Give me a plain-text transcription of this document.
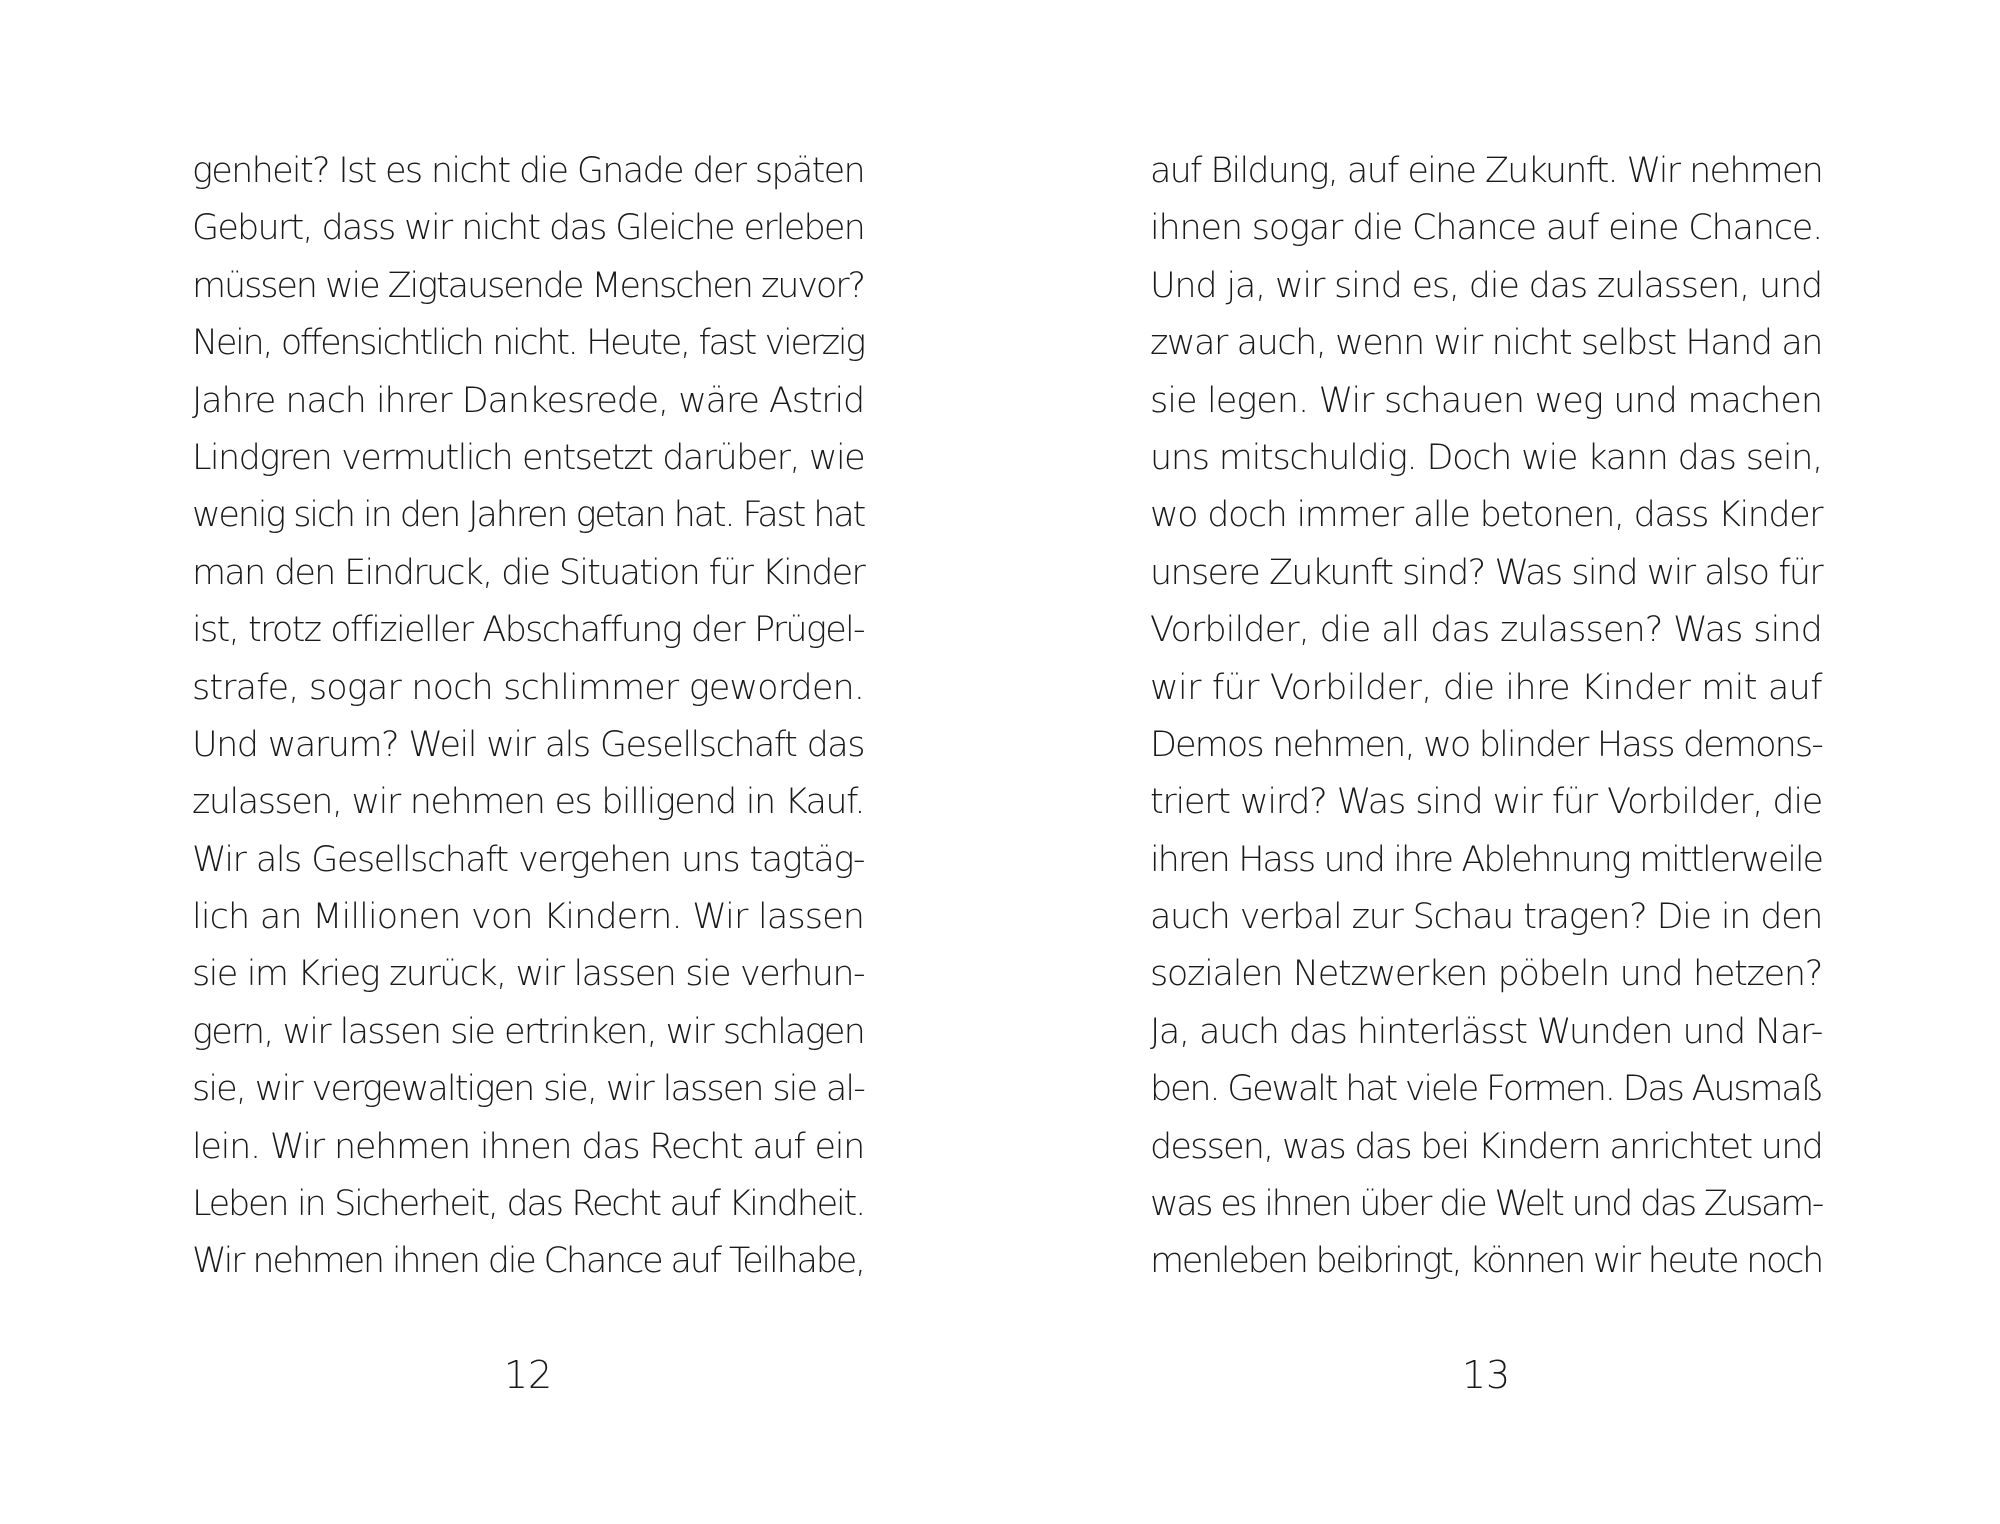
genheit? Ist es nicht die Gnade der späten
Geburt, dass wir nicht das Gleiche erleben
müssen wie Zigtausende Menschen zuvor?
Nein, offensichtlich nicht. Heute, fast vierzig
Jahre nach ihrer Dankesrede, wäre Astrid
Lindgren vermutlich entsetzt darüber, wie
wenig sich in den Jahren getan hat. Fast hat
man den Eindruck, die Situation für Kinder
ist, trotz offizieller Abschaffung der Prügel-
strafe, sogar noch schlimmer geworden.
Und warum? Weil wir als Gesellschaft das
zulassen, wir nehmen es billigend in Kauf.
Wir als Gesellschaft vergehen uns tagtäg-
lich an Millionen von Kindern. Wir lassen
sie im Krieg zurück, wir lassen sie verhun-
gern, wir lassen sie ertrinken, wir schlagen
sie, wir vergewaltigen sie, wir lassen sie al-
lein. Wir nehmen ihnen das Recht auf ein
Leben in Sicherheit, das Recht auf Kindheit.
Wir nehmen ihnen die Chance auf Teilhabe,
auf Bildung, auf eine Zukunft. Wir nehmen
ihnen sogar die Chance auf eine Chance.
Und ja, wir sind es, die das zulassen, und
zwar auch, wenn wir nicht selbst Hand an
sie legen. Wir schauen weg und machen
uns mitschuldig. Doch wie kann das sein,
wo doch immer alle betonen, dass Kinder
unsere Zukunft sind? Was sind wir also für
Vorbilder, die all das zulassen? Was sind
wir für Vorbilder, die ihre Kinder mit auf
Demos nehmen, wo blinder Hass demons-
triert wird? Was sind wir für Vorbilder, die
ihren Hass und ihre Ablehnung mittlerweile
auch verbal zur Schau tragen? Die in den
sozialen Netzwerken pöbeln und hetzen?
Ja, auch das hinterlässt Wunden und Nar-
ben. Gewalt hat viele Formen. Das Ausmaß
dessen, was das bei Kindern anrichtet und
was es ihnen über die Welt und das Zusam-
menleben beibringt, können wir heute noch
12	13
